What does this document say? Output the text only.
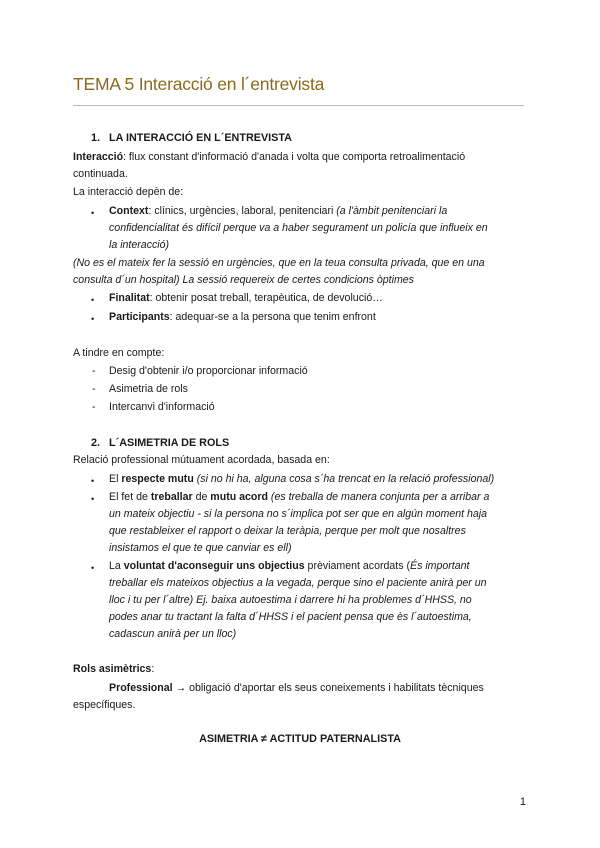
TEMA 5 Interacció en l´entrevista
1. LA INTERACCIÓ EN L´ENTREVISTA
Interacció: flux constant d'informació d'anada i volta que comporta retroalimentació
continuada.
La interacció depèn de:
• Context: clínics, urgències, laboral, penitenciari (a l'àmbit penitenciari la
confidencialitat és difícil perque va a haber segurament un policía que influeix en
la interacció)
(No es el mateix fer la sessió en urgències, que en la teua consulta privada, que en una
consulta d´un hospital) La sessió requereix de certes condicions òptimes
• Finalitat: obtenir posat treball, terapèutica, de devolució…
• Participants: adequar-se a la persona que tenim enfront
A tindre en compte:
- Desig d'obtenir i/o proporcionar informació
- Asimetria de rols
- Intercanvi d'informació
2. L´ASIMETRIA DE ROLS
Relació professional mútuament acordada, basada en:
• El respecte mutu (si no hi ha, alguna cosa s´ha trencat en la relació professional)
• El fet de treballar de mutu acord (es treballa de manera conjunta per a arribar a
un mateix objectiu - si la persona no s´implica pot ser que en algún moment haja
que restableixer el rapport o deixar la teràpia, perque per molt que nosaltres
insistamos el que te que canviar es ell)
• La voluntat d'aconseguir uns objectius prèviament acordats (És important
treballar els mateixos objectius a la vegada, perque sino el paciente anirà per un
lloc i tu per l´altre) Ej. baixa autoestima i darrere hi ha problemes d´HHSS, no
podes anar tu tractant la falta d´HHSS i el pacient pensa que ès l´autoestima,
cadascun anirà per un lloc)
Rols asimètrics:
Professional → obligació d'aportar els seus coneixements i habilitats tècniques
específiques.
ASIMETRIA ≠ ACTITUD PATERNALISTA
1
